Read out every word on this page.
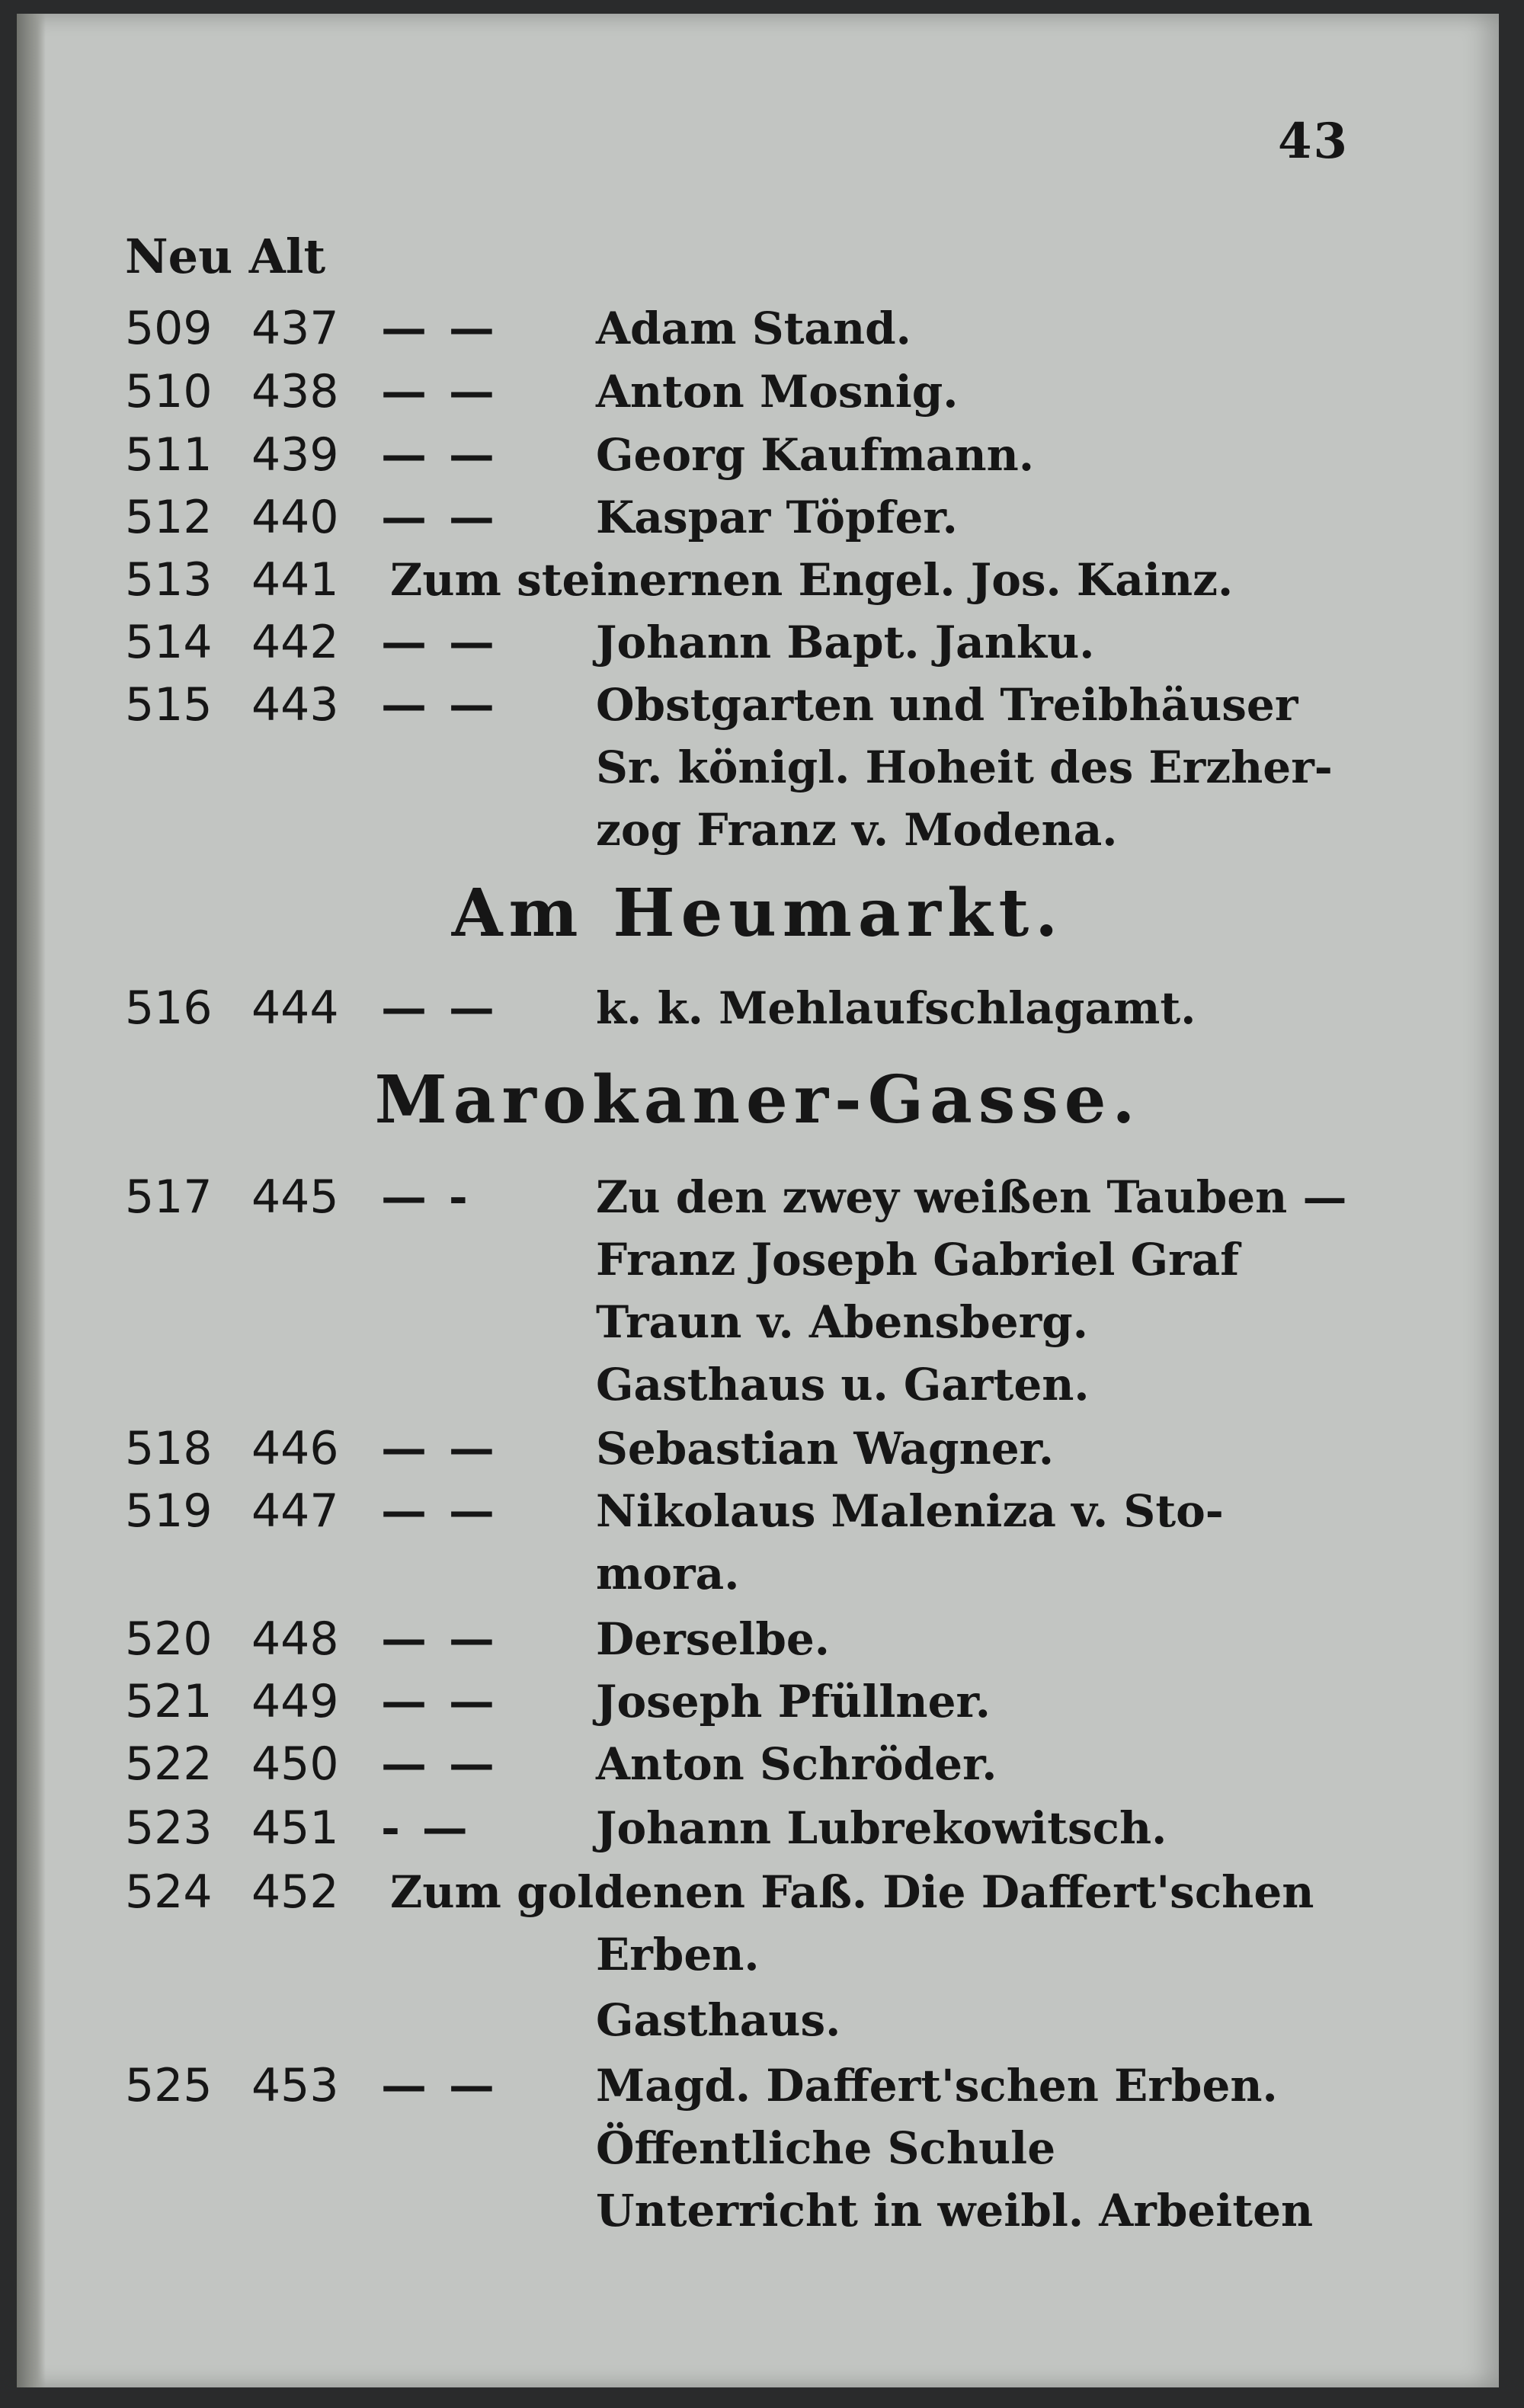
43
Neu Alt
509 437 — — Adam Stand.
510 438 — — Anton Mosnig.
511 439 — — Georg Kaufmann.
512 440 — — Kaspar Töpfer.
513 441 Zum steinernen Engel. Jos. Kainz.
514 442 — — Johann Bapt. Janku.
515 443 — — Obstgarten und Treibhäuser
Sr. königl. Hoheit des Erzher-
zog Franz v. Modena.
Am Heumarkt.
516 444 — — k. k. Mehlaufschlagamt.
Marokaner-Gasse.
517 445 — -	Zu den zwey weißen Tauben —
Franz Joseph Gabriel Graf
Traun v. Abensberg.
Gasthaus u. Garten.
518 446 — — Sebastian Wagner.
519 447 — — Nikolaus Maleniza v. Sto-
mora.
520 448 — — Derselbe.
521 449 — — Joseph Pfüllner.
522 450 — — Anton Schröder.
523 451 - —	Johann Lubrekowitsch.
524 452 Zum goldenen Faß. Die Daffert'schen
Erben.
Gasthaus.
525 453 — — Magd. Daffert'schen Erben.
Öffentliche Schule
Unterricht in weibl. Arbeiten
